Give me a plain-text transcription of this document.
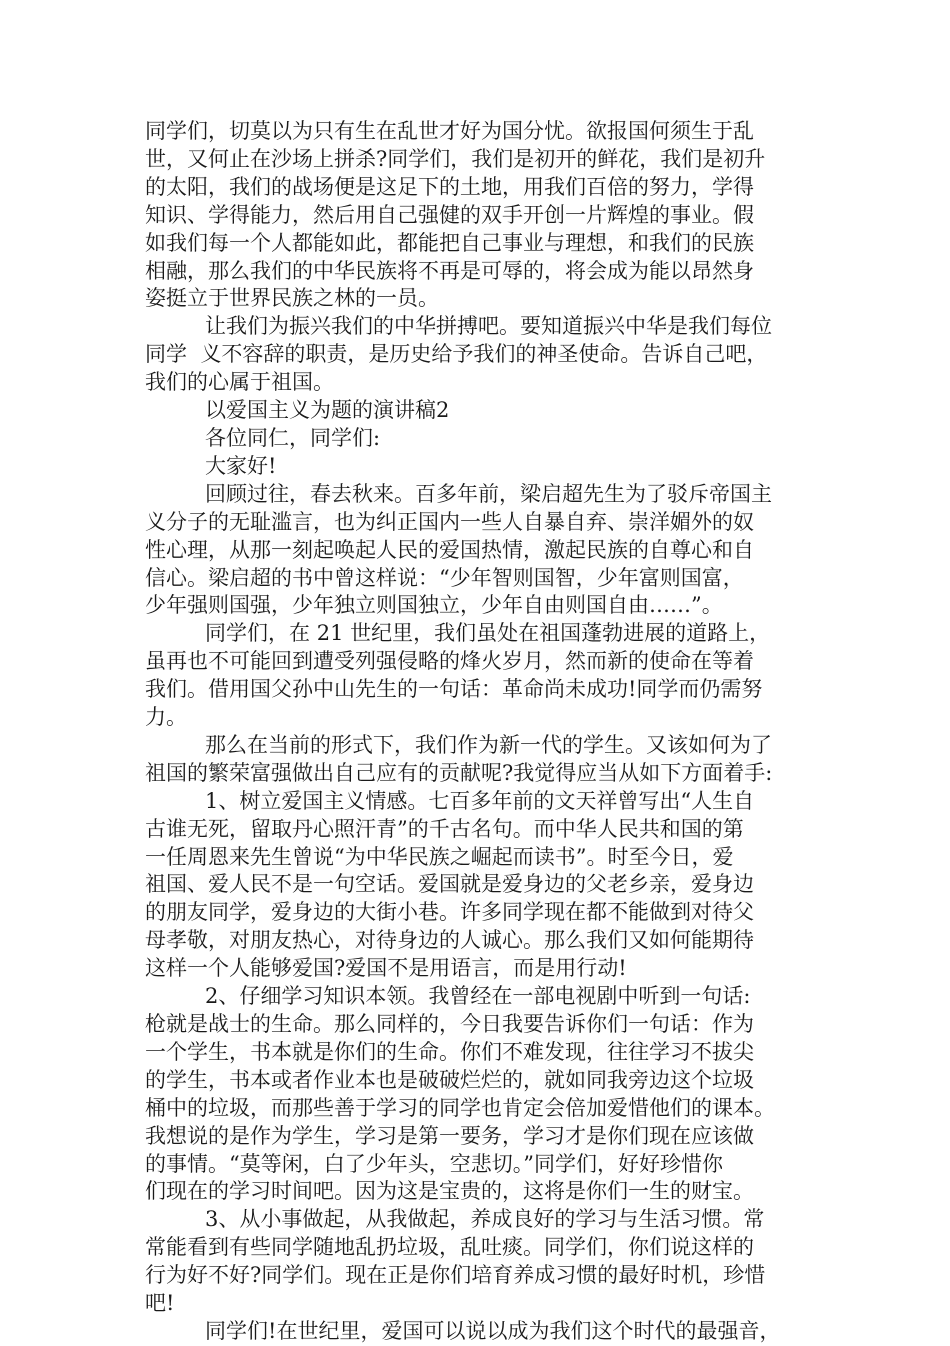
同学们，切莫以为只有生在乱世才好为国分忧。欲报国何须生于乱
世，又何止在沙场上拼杀?同学们，我们是初开的鲜花，我们是初升
的太阳，我们的战场便是这足下的土地，用我们百倍的努力，学得
知识、学得能力，然后用自己强健的双手开创一片辉煌的事业。假
如我们每一个人都能如此，都能把自己事业与理想，和我们的民族
相融，那么我们的中华民族将不再是可辱的，将会成为能以昂然身
姿挺立于世界民族之林的一员。
让我们为振兴我们的中华拼搏吧。要知道振兴中华是我们每位
同学  义不容辞的职责，是历史给予我们的神圣使命。告诉自己吧，
我们的心属于祖国。
以爱国主义为题的演讲稿2
各位同仁，同学们:
大家好!
回顾过往，春去秋来。百多年前，梁启超先生为了驳斥帝国主
义分子的无耻滥言，也为纠正国内一些人自暴自弃、崇洋媚外的奴
性心理，从那一刻起唤起人民的爱国热情，激起民族的自尊心和自
信心。梁启超的书中曾这样说：“少年智则国智，少年富则国富，
少年强则国强，少年独立则国独立，少年自由则国自由……”。
同学们，在 21 世纪里，我们虽处在祖国蓬勃进展的道路上，
虽再也不可能回到遭受列强侵略的烽火岁月，然而新的使命在等着
我们。借用国父孙中山先生的一句话：革命尚未成功!同学而仍需努
力。
那么在当前的形式下，我们作为新一代的学生。又该如何为了
祖国的繁荣富强做出自己应有的贡献呢?我觉得应当从如下方面着手:
1、树立爱国主义情感。七百多年前的文天祥曾写出“人生自
古谁无死，留取丹心照汗青”的千古名句。而中华人民共和国的第
一任周恩来先生曾说“为中华民族之崛起而读书”。时至今日，爱
祖国、爱人民不是一句空话。爱国就是爱身边的父老乡亲，爱身边
的朋友同学，爱身边的大街小巷。许多同学现在都不能做到对待父
母孝敬，对朋友热心，对待身边的人诚心。那么我们又如何能期待
这样一个人能够爱国?爱国不是用语言，而是用行动!
2、仔细学习知识本领。我曾经在一部电视剧中听到一句话:
枪就是战士的生命。那么同样的，今日我要告诉你们一句话：作为
一个学生，书本就是你们的生命。你们不难发现，往往学习不拔尖
的学生，书本或者作业本也是破破烂烂的，就如同我旁边这个垃圾
桶中的垃圾，而那些善于学习的同学也肯定会倍加爱惜他们的课本。
我想说的是作为学生，学习是第一要务，学习才是你们现在应该做
的事情。“莫等闲，白了少年头，空悲切。”同学们，好好珍惜你
们现在的学习时间吧。因为这是宝贵的，这将是你们一生的财宝。
3、从小事做起，从我做起，养成良好的学习与生活习惯。常
常能看到有些同学随地乱扔垃圾，乱吐痰。同学们，你们说这样的
行为好不好?同学们。现在正是你们培育养成习惯的最好时机，珍惜
吧!
同学们!在世纪里，爱国可以说以成为我们这个时代的最强音，
